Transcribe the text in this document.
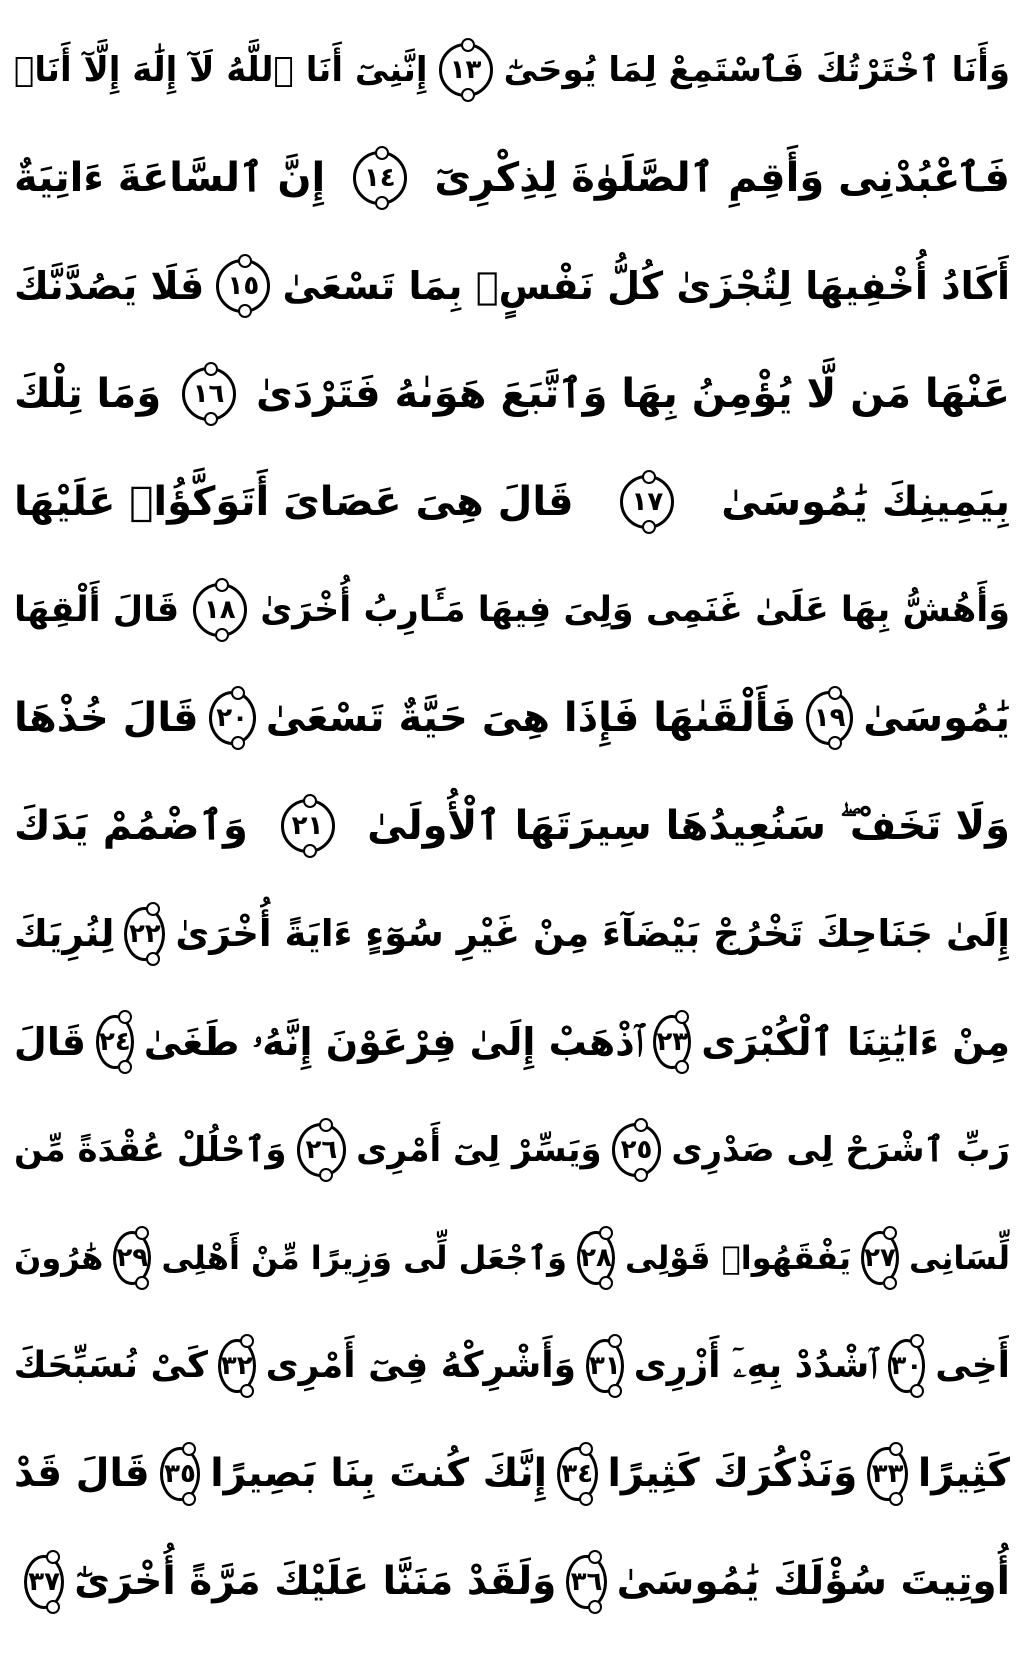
وَأَنَا ٱخْتَرْتُكَ فَٱسْتَمِعْ لِمَا يُوحَىٰٓ
١٣
إِنَّنِىٓ أَنَا ٱللَّهُ لَآ إِلَٰهَ إِلَّآ أَنَا۠
فَٱعْبُدْنِى وَأَقِمِ ٱلصَّلَوٰةَ لِذِكْرِىٓ
١٤
إِنَّ ٱلسَّاعَةَ ءَاتِيَةٌ
أَكَادُ أُخْفِيهَا لِتُجْزَىٰ كُلُّ نَفْسٍۭ بِمَا تَسْعَىٰ
١٥
فَلَا يَصُدَّنَّكَ
عَنْهَا مَن لَّا يُؤْمِنُ بِهَا وَٱتَّبَعَ هَوَىٰهُ فَتَرْدَىٰ
١٦
وَمَا تِلْكَ
بِيَمِينِكَ يَٰمُوسَىٰ
١٧
قَالَ هِىَ عَصَاىَ أَتَوَكَّؤُا۟ عَلَيْهَا
وَأَهُشُّ بِهَا عَلَىٰ غَنَمِى وَلِىَ فِيهَا مَـَٔارِبُ أُخْرَىٰ
١٨
قَالَ أَلْقِهَا
يَٰمُوسَىٰ
١٩
فَأَلْقَىٰهَا فَإِذَا هِىَ حَيَّةٌ تَسْعَىٰ
٢٠
قَالَ خُذْهَا
وَلَا تَخَفْ ۖ سَنُعِيدُهَا سِيرَتَهَا ٱلْأُولَىٰ
٢١
وَٱضْمُمْ يَدَكَ
إِلَىٰ جَنَاحِكَ تَخْرُجْ بَيْضَآءَ مِنْ غَيْرِ سُوٓءٍ ءَايَةً أُخْرَىٰ
٢٢
لِنُرِيَكَ
مِنْ ءَايَٰتِنَا ٱلْكُبْرَى
٢٣
ٱذْهَبْ إِلَىٰ فِرْعَوْنَ إِنَّهُۥ طَغَىٰ
٢٤
قَالَ
رَبِّ ٱشْرَحْ لِى صَدْرِى
٢٥
وَيَسِّرْ لِىٓ أَمْرِى
٢٦
وَٱحْلُلْ عُقْدَةً مِّن
لِّسَانِى
٢٧
يَفْقَهُوا۟ قَوْلِى
٢٨
وَٱجْعَل لِّى وَزِيرًا مِّنْ أَهْلِى
٢٩
هَٰرُونَ
أَخِى
٣٠
ٱشْدُدْ بِهِۦٓ أَزْرِى
٣١
وَأَشْرِكْهُ فِىٓ أَمْرِى
٣٢
كَىْ نُسَبِّحَكَ
كَثِيرًا
٣٣
وَنَذْكُرَكَ كَثِيرًا
٣٤
إِنَّكَ كُنتَ بِنَا بَصِيرًا
٣٥
قَالَ قَدْ
أُوتِيتَ سُؤْلَكَ يَٰمُوسَىٰ
٣٦
وَلَقَدْ مَنَنَّا عَلَيْكَ مَرَّةً أُخْرَىٰٓ
٣٧
